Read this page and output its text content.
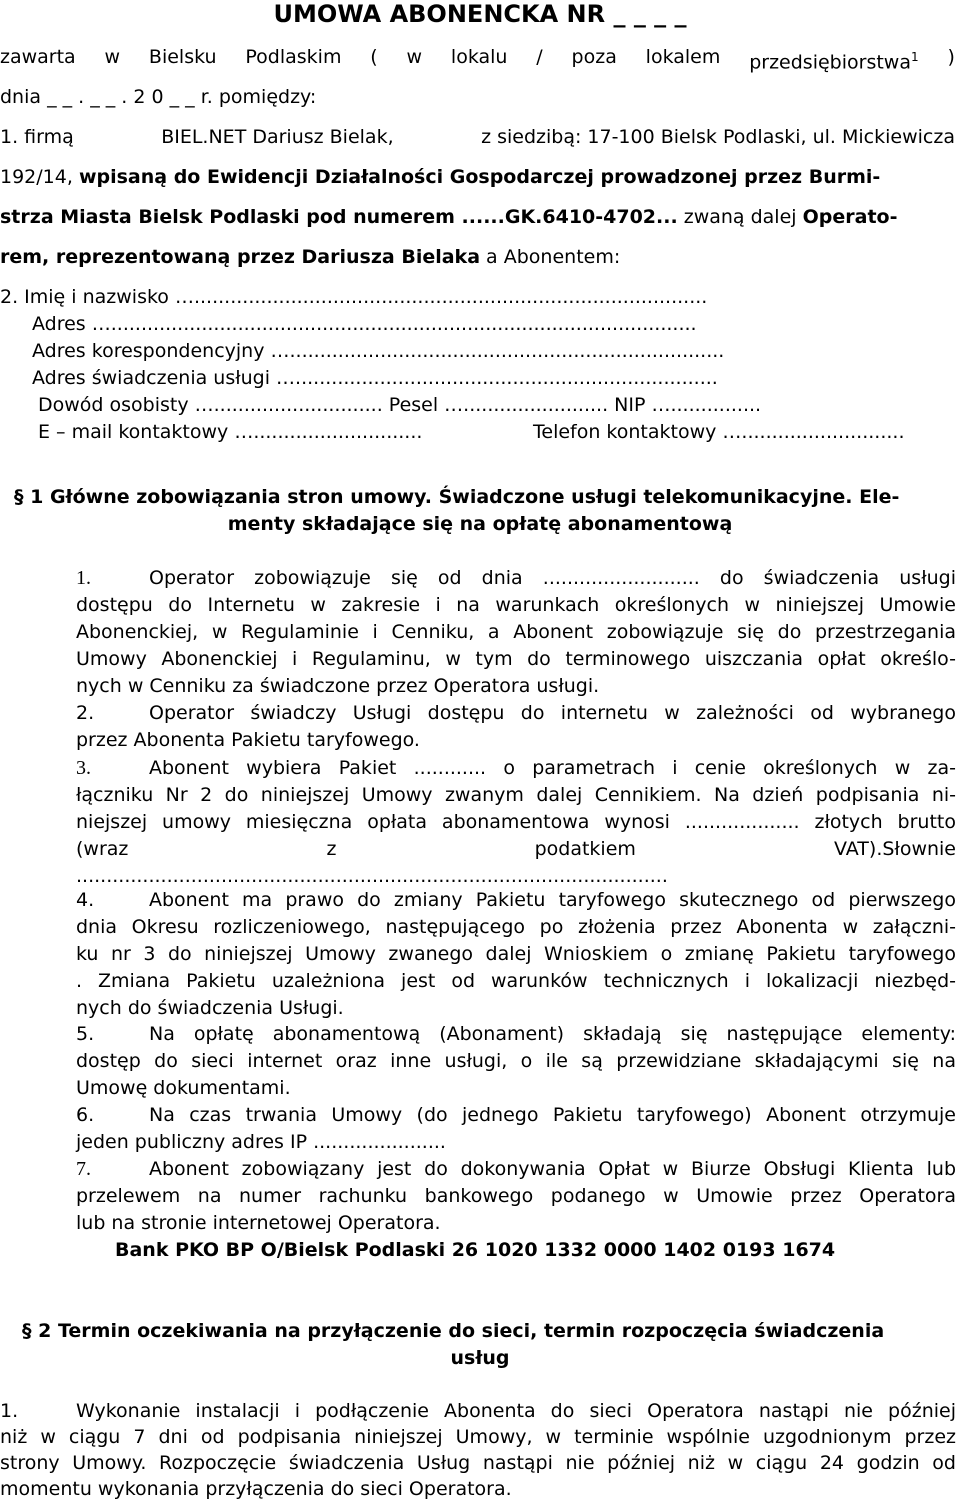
UMOWA ABONENCKA NR _ _ _ _
zawarta w Bielsku Podlaskim ( w lokalu / poza lokalem przedsiębiorstwa$^1$ )
dnia _ _ . _ _ . 2 0 _ _ r. pomiędzy:
1. firmą	BIEL.NET Dariusz Bielak,	z siedzibą: 17-100 Bielsk Podlaski, ul. Mickiewicza
192/14, wpisaną do Ewidencji Działalności Gospodarczej prowadzonej przez Burmi-
strza Miasta Bielsk Podlaski pod numerem ......GK.6410-4702... zwaną dalej Operato-
rem, reprezentowaną przez Dariusza Bielaka a Abonentem:
2. Imię i nazwisko ….....................................................................................
Adres ….................................................................................................
Adres korespondencyjny …........................................................................
Adres świadczenia usługi …......................................................................
Dowód osobisty …............................ Pesel …........................ NIP …...............
E – mail kontaktowy …............................	Telefon kontaktowy …...........................
§ 1 Główne zobowiązania stron umowy. Świadczone usługi telekomunikacyjne. Ele-
menty składające się na opłatę abonamentową
1.	Operator zobowiązuje się od dnia .......................... do świadczenia usługi
dostępu do Internetu w zakresie i na warunkach określonych w niniejszej Umowie
Abonenckiej, w Regulaminie i Cenniku, a Abonent zobowiązuje się do przestrzegania
Umowy Abonenckiej i Regulaminu, w tym do terminowego uiszczania opłat określo-
nych w Cenniku za świadczone przez Operatora usługi.
2.	Operator świadczy Usługi dostępu do internetu w zależności od wybranego
przez Abonenta Pakietu taryfowego.
3.	Abonent wybiera Pakiet ............ o parametrach i cenie określonych w za-
łączniku Nr 2 do niniejszej Umowy zwanym dalej Cennikiem. Na dzień podpisania ni-
niejszej umowy miesięczna opłata abonamentowa wynosi ................... złotych brutto
(wraz z podatkiem VAT).Słownie
..................................................................................................
4.	Abonent ma prawo do zmiany Pakietu taryfowego skutecznego od pierwszego
dnia Okresu rozliczeniowego, następującego po złożenia przez Abonenta w załączni-
ku nr 3 do niniejszej Umowy zwanego dalej Wnioskiem o zmianę Pakietu taryfowego
. Zmiana Pakietu uzależniona jest od warunków technicznych i lokalizacji niezbęd-
nych do świadczenia Usługi.
5.	Na opłatę abonamentową (Abonament) składają się następujące elementy:
dostęp do sieci internet oraz inne usługi, o ile są przewidziane składającymi się na
Umowę dokumentami.
6.	Na czas trwania Umowy (do jednego Pakietu taryfowego) Abonent otrzymuje
jeden publiczny adres IP ......................
7.	Abonent zobowiązany jest do dokonywania Opłat w Biurze Obsługi Klienta lub
przelewem na numer rachunku bankowego podanego w Umowie przez Operatora
lub na stronie internetowej Operatora.
Bank PKO BP O/Bielsk Podlaski 26 1020 1332 0000 1402 0193 1674
§ 2 Termin oczekiwania na przyłączenie do sieci, termin rozpoczęcia świadczenia
usług
1.	Wykonanie instalacji i podłączenie Abonenta do sieci Operatora nastąpi nie później
niż w ciągu 7 dni od podpisania niniejszej Umowy, w terminie wspólnie uzgodnionym przez
strony Umowy. Rozpoczęcie świadczenia Usług nastąpi nie później niż w ciągu 24 godzin od
momentu wykonania przyłączenia do sieci Operatora.
